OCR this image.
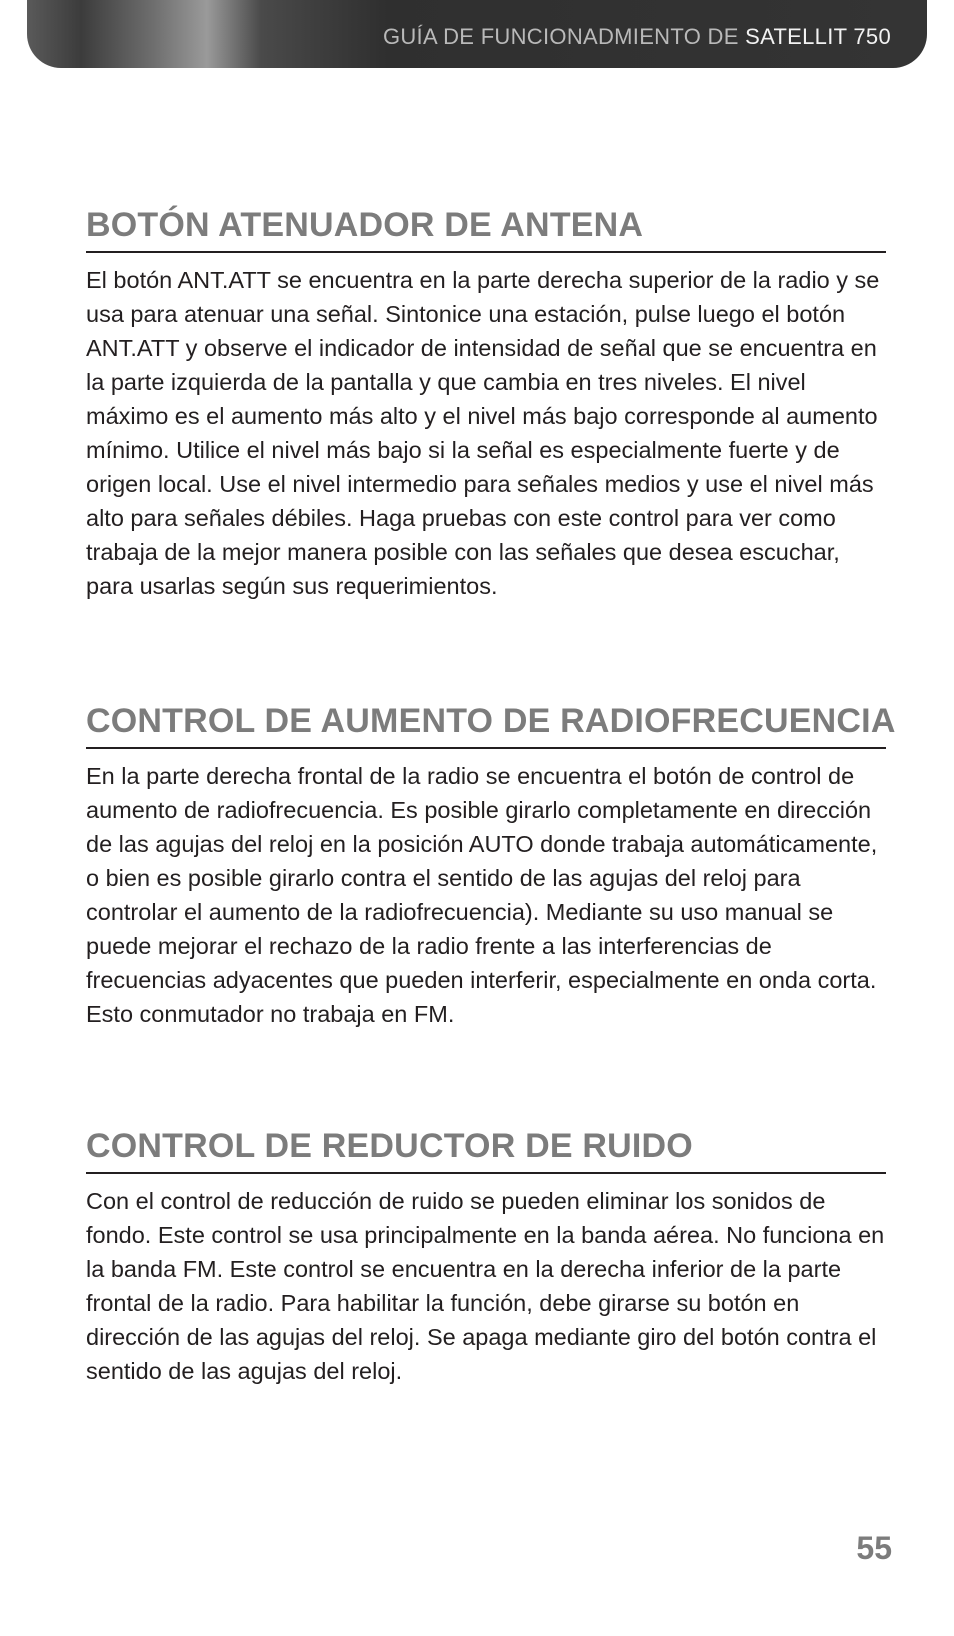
GUÍA DE FUNCIONADMIENTO DE SATELLIT 750
BOTÓN ATENUADOR DE ANTENA

El botón ANT.ATT se encuentra en la parte derecha superior de la radio y se usa para atenuar una señal. Sintonice una estación, pulse luego el botón ANT.ATT y observe el indicador de intensidad de señal que se encuentra en la parte izquierda de la pantalla y que cambia en tres niveles. El nivel máximo es el aumento más alto y el nivel más bajo corresponde al aumento mínimo. Utilice el nivel más bajo si la señal es especialmente fuerte y de origen local. Use el nivel intermedio para señales medios y use el nivel más alto para señales débiles. Haga pruebas con este control para ver como trabaja de la mejor manera posible con las señales que desea escuchar, para usarlas según sus requerimientos.

CONTROL DE AUMENTO DE RADIOFRECUENCIA

En la parte derecha frontal de la radio se encuentra el botón de control de aumento de radiofrecuencia. Es posible girarlo completamente en dirección de las agujas del reloj en la posición AUTO donde trabaja automáticamente, o bien es posible girarlo contra el sentido de las agujas del reloj para controlar el aumento de la radiofrecuencia). Mediante su uso manual se puede mejorar el rechazo de la radio frente a las interferencias de frecuencias adyacentes que pueden interferir, especialmente en onda corta. Esto conmutador no trabaja en FM.

CONTROL DE REDUCTOR DE RUIDO

Con el control de reducción de ruido se pueden eliminar los sonidos de fondo. Este control se usa principalmente en la banda aérea. No funciona en la banda FM. Este control se encuentra en la derecha inferior de la parte frontal de la radio. Para habilitar la función, debe girarse su botón en dirección de las agujas del reloj. Se apaga mediante giro del botón contra el sentido de las agujas del reloj.

55
